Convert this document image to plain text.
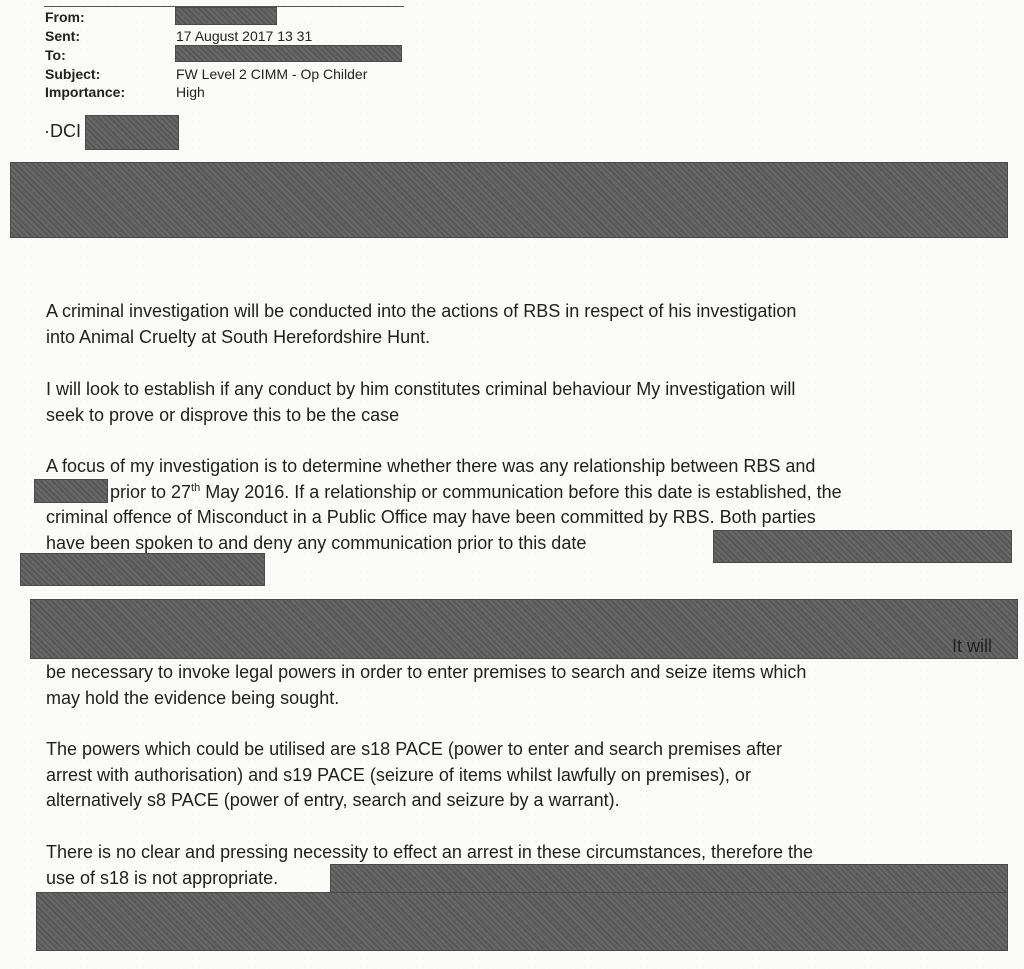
From:
Sent:	17 August 2017 13 31
To:
Subject:	FW Level 2 CIMM - Op Childer
Importance:	High
·DCI
A criminal investigation will be conducted into the actions of RBS in respect of his investigation
into Animal Cruelty at South Herefordshire Hunt.
I will look to establish if any conduct by him constitutes criminal behaviour My investigation will
seek to prove or disprove this to be the case
A focus of my investigation is to determine whether there was any relationship between RBS and
prior to 27th May 2016. If a relationship or communication before this date is established, the
criminal offence of Misconduct in a Public Office may have been committed by RBS. Both parties
have been spoken to and deny any communication prior to this date
It will
be necessary to invoke legal powers in order to enter premises to search and seize items which
may hold the evidence being sought.
The powers which could be utilised are s18 PACE (power to enter and search premises after
arrest with authorisation) and s19 PACE (seizure of items whilst lawfully on premises), or
alternatively s8 PACE (power of entry, search and seizure by a warrant).
There is no clear and pressing necessity to effect an arrest in these circumstances, therefore the
use of s18 is not appropriate.
